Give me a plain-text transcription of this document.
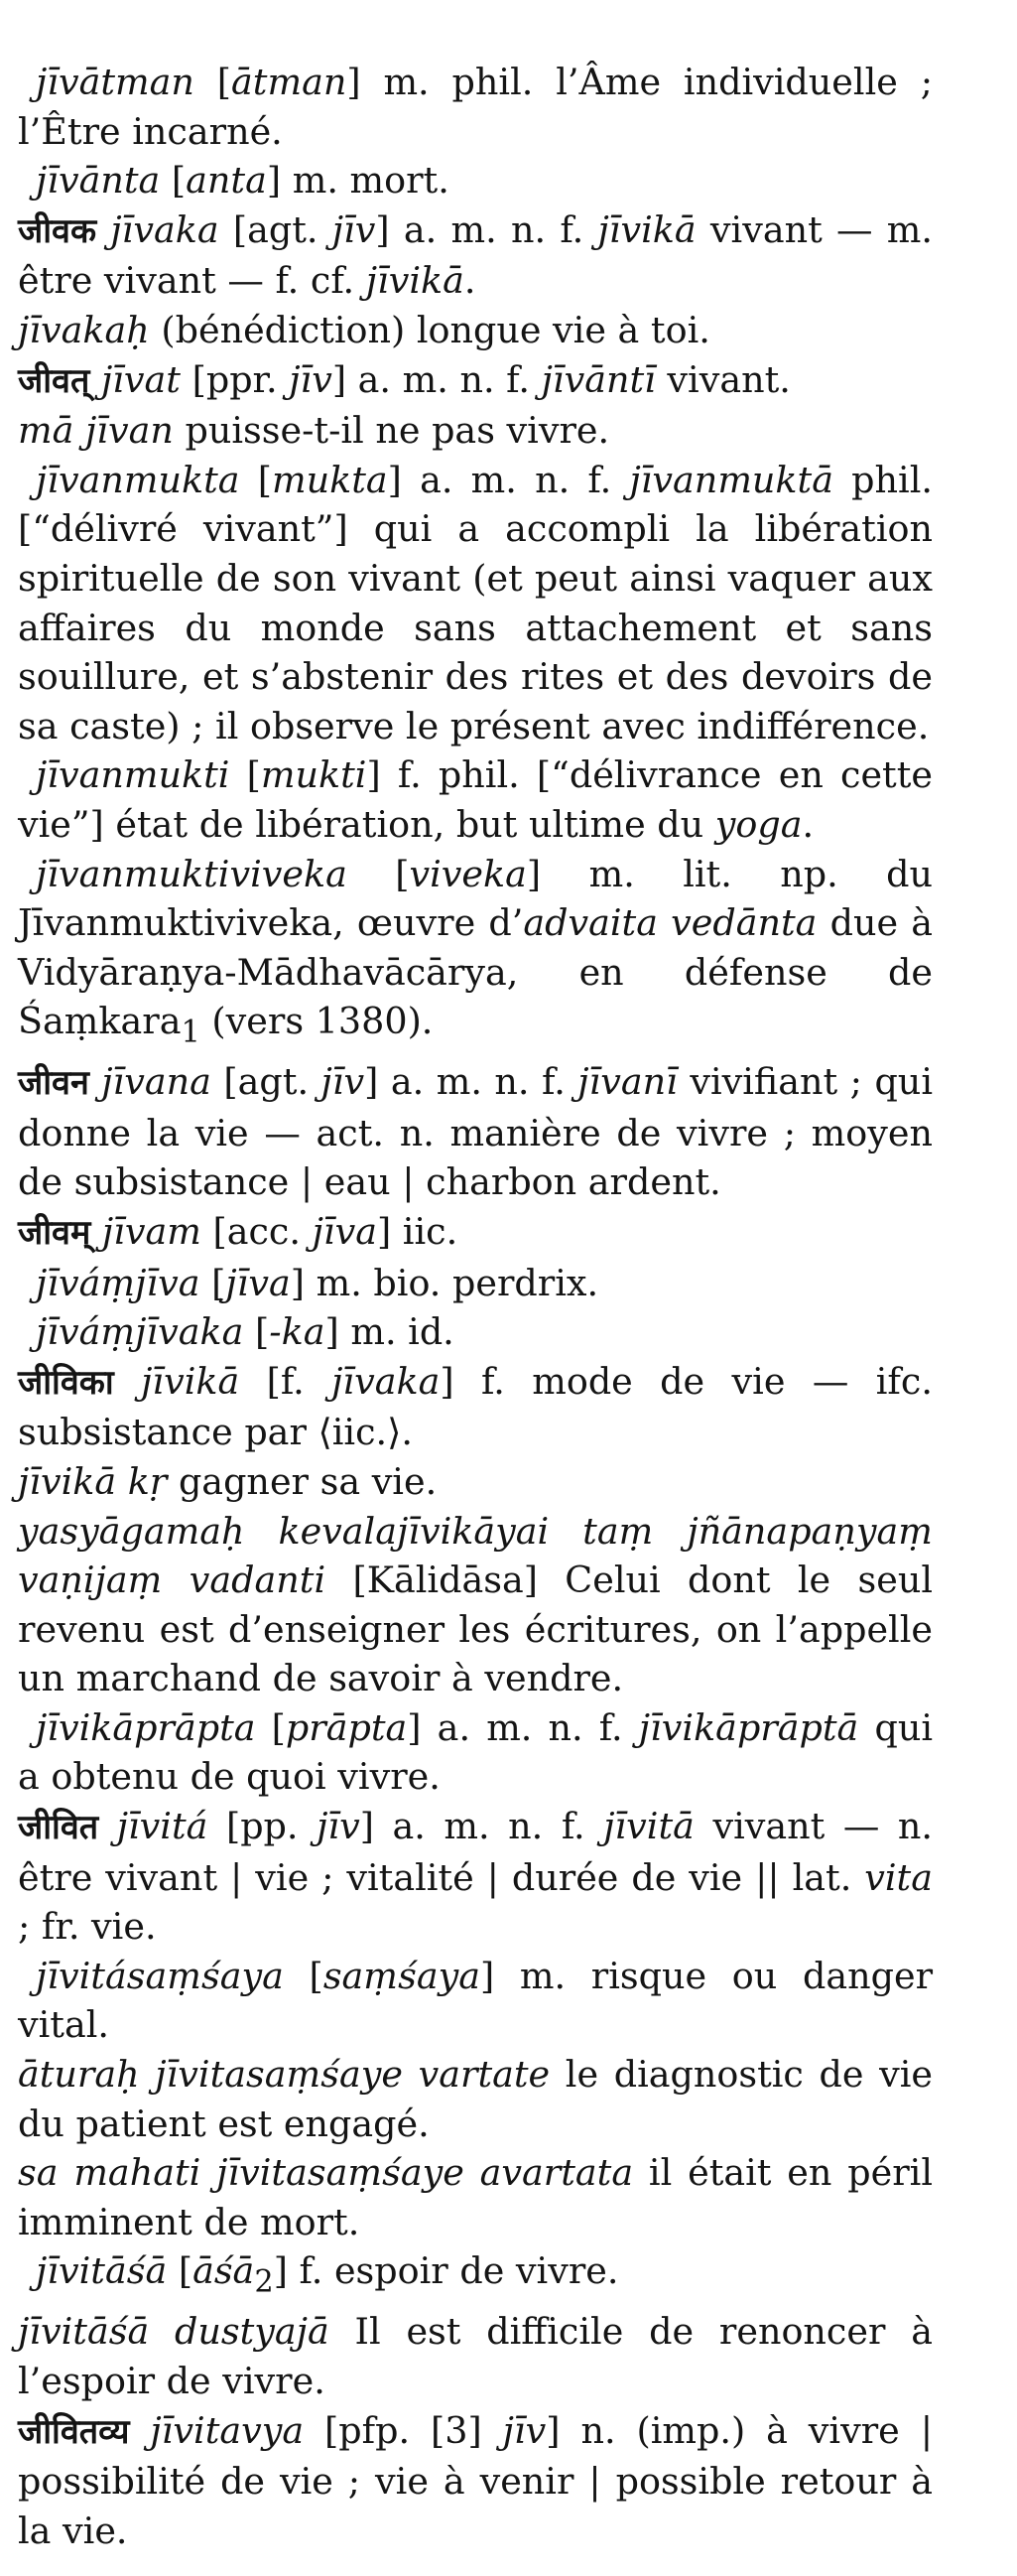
jīvātman [ātman] m. phil. l’Âme individuelle ; l’Être incarné.

jīvānta [anta] m. mort.

जीवक jīvaka [agt. jīv] a. m. n. f. jīvikā vivant — m. être vivant — f. cf. jīvikā.

jīvakaḥ (bénédiction) longue vie à toi.

जीवत् jīvat [ppr. jīv] a. m. n. f. jīvāntī vivant.

mā jīvan puisse-t-il ne pas vivre.

jīvanmukta [mukta] a. m. n. f. jīvanmuktā phil. [“délivré vivant”] qui a accompli la libération spirituelle de son vivant (et peut ainsi vaquer aux affaires du monde sans attachement et sans souillure, et s’abstenir des rites et des devoirs de sa caste) ; il observe le présent avec indifférence.

jīvanmukti [mukti] f. phil. [“délivrance en cette vie”] état de libération, but ultime du yoga.

jīvanmuktiviveka [viveka] m. lit. np. du Jīvanmuktiviveka, œuvre d’advaita vedānta due à Vidyāraṇya-Mādhavācārya, en défense de Śaṃkara$_1$ (vers 1380).

जीवन jīvana [agt. jīv] a. m. n. f. jīvanī vivifiant ; qui donne la vie — act. n. manière de vivre ; moyen de subsistance | eau | charbon ardent.

जीवम् jīvam [acc. jīva] iic.

jīváṃjīva [jīva] m. bio. perdrix.

jīváṃjīvaka [-ka] m. id.

जीविका jīvikā [f. jīvaka] f. mode de vie — ifc. subsistance par ⟨iic.⟩.

jīvikā kṛ gagner sa vie.

yasyāgamaḥ kevalajīvikāyai taṃ jñānapaṇyaṃ vaṇijaṃ vadanti [Kālidāsa] Celui dont le seul revenu est d’enseigner les écritures, on l’appelle un marchand de savoir à vendre.

jīvikāprāpta [prāpta] a. m. n. f. jīvikāprāptā qui a obtenu de quoi vivre.

जीवित jīvitá [pp. jīv] a. m. n. f. jīvitā vivant — n. être vivant | vie ; vitalité | durée de vie || lat. vita ; fr. vie.

jīvitásaṃśaya [saṃśaya] m. risque ou danger vital.

āturaḥ jīvitasaṃśaye vartate le diagnostic de vie du patient est engagé.

sa mahati jīvitasaṃśaye avartata il était en péril imminent de mort.

jīvitāśā [āśā$_2$] f. espoir de vivre.

jīvitāśā dustyajā Il est difficile de renoncer à l’espoir de vivre.

जीवितव्य jīvitavya [pfp. [3] jīv] n. (imp.) à vivre | possibilité de vie ; vie à venir | possible retour à la vie.
